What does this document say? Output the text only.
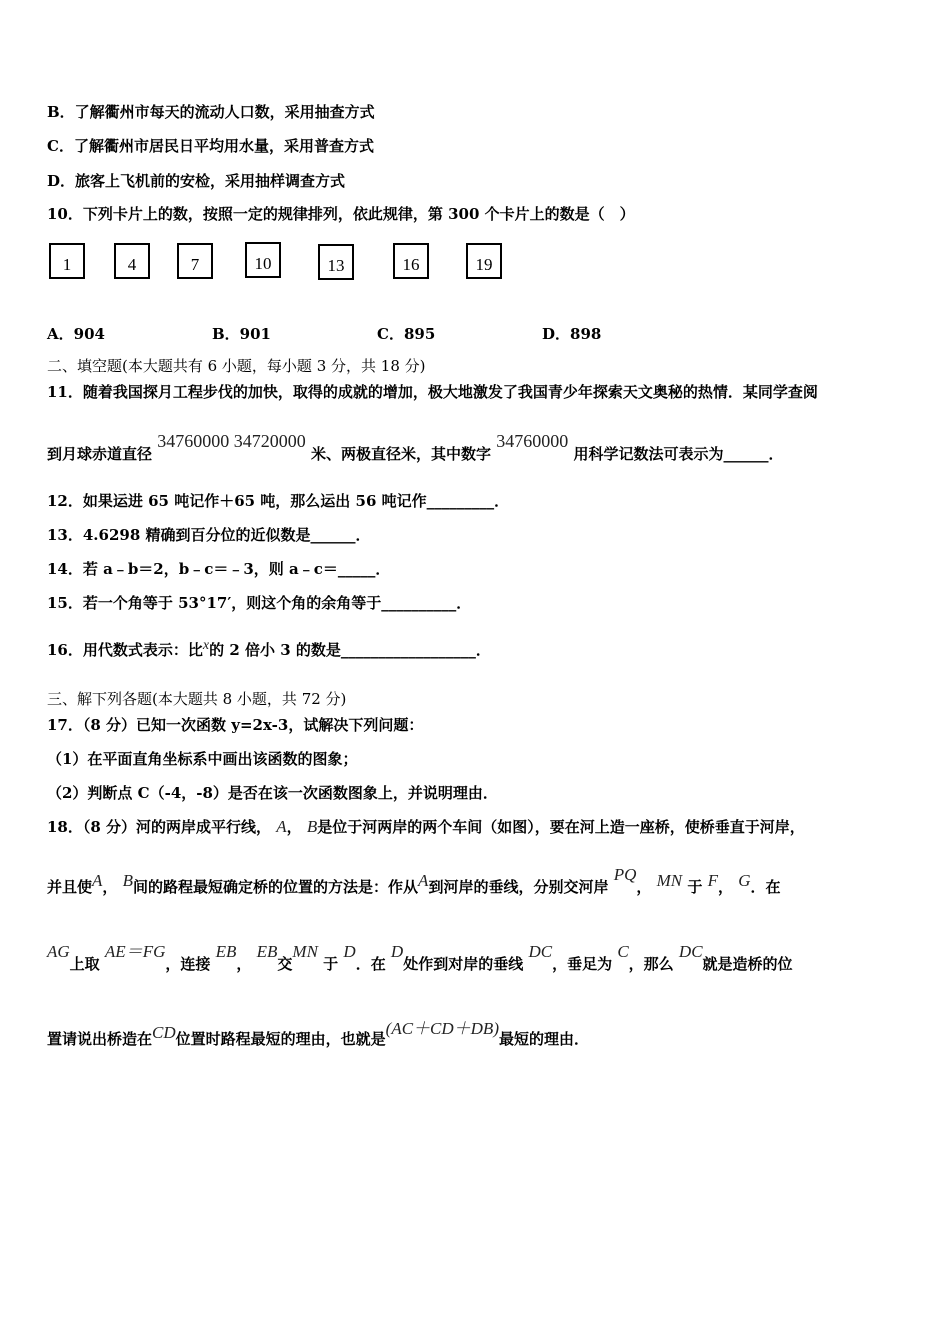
B．了解衢州市每天的流动人口数，采用抽查方式
C．了解衢州市居民日平均用水量，采用普查方式
D．旅客上飞机前的安检，采用抽样调查方式
10．下列卡片上的数，按照一定的规律排列，依此规律，第 300 个卡片上的数是（　）
1	4	7	10	13	16	19
A．904	B．901	C．895	D．898
二、填空题(本大题共有 6 小题，每小题 3 分，共 18 分)
11．随着我国探月工程步伐的加快，取得的成就的增加，极大地激发了我国青少年探索天文奥秘的热情．某同学查阅
到月球赤道直径 34760000 34720000 米、两极直径米，其中数字 34760000 用科学记数法可表示为______．
12．如果运进 65 吨记作＋65 吨，那么运出 56 吨记作_________．
13．4.6298 精确到百分位的近似数是______．
14．若 a﹣b＝2，b﹣c＝﹣3，则 a﹣c＝_____．
15．若一个角等于 53°17′，则这个角的余角等于__________．
16．用代数式表示：比x的 2 倍小 3 的数是__________________．
三、解下列各题(本大题共 8 小题，共 72 分)
17．（8 分）已知一次函数 y=2x-3，试解决下列问题：
（1）在平面直角坐标系中画出该函数的图象；
（2）判断点 C（-4，-8）是否在该一次函数图象上，并说明理由．
18．（8 分）河的两岸成平行线， A， B是位于河两岸的两个车间（如图），要在河上造一座桥，使桥垂直于河岸，
并且使A， B间的路程最短确定桥的位置的方法是：作从A到河岸的垂线，分别交河岸 PQ， MN 于 F， G．在
AG上取 AE＝FG，连接 EB， EB交MN 于 D．在 D处作到对岸的垂线 DC，垂足为 C，那么 DC就是造桥的位
置请说出桥造在CD位置时路程最短的理由，也就是(AC＋CD＋DB)最短的理由．
